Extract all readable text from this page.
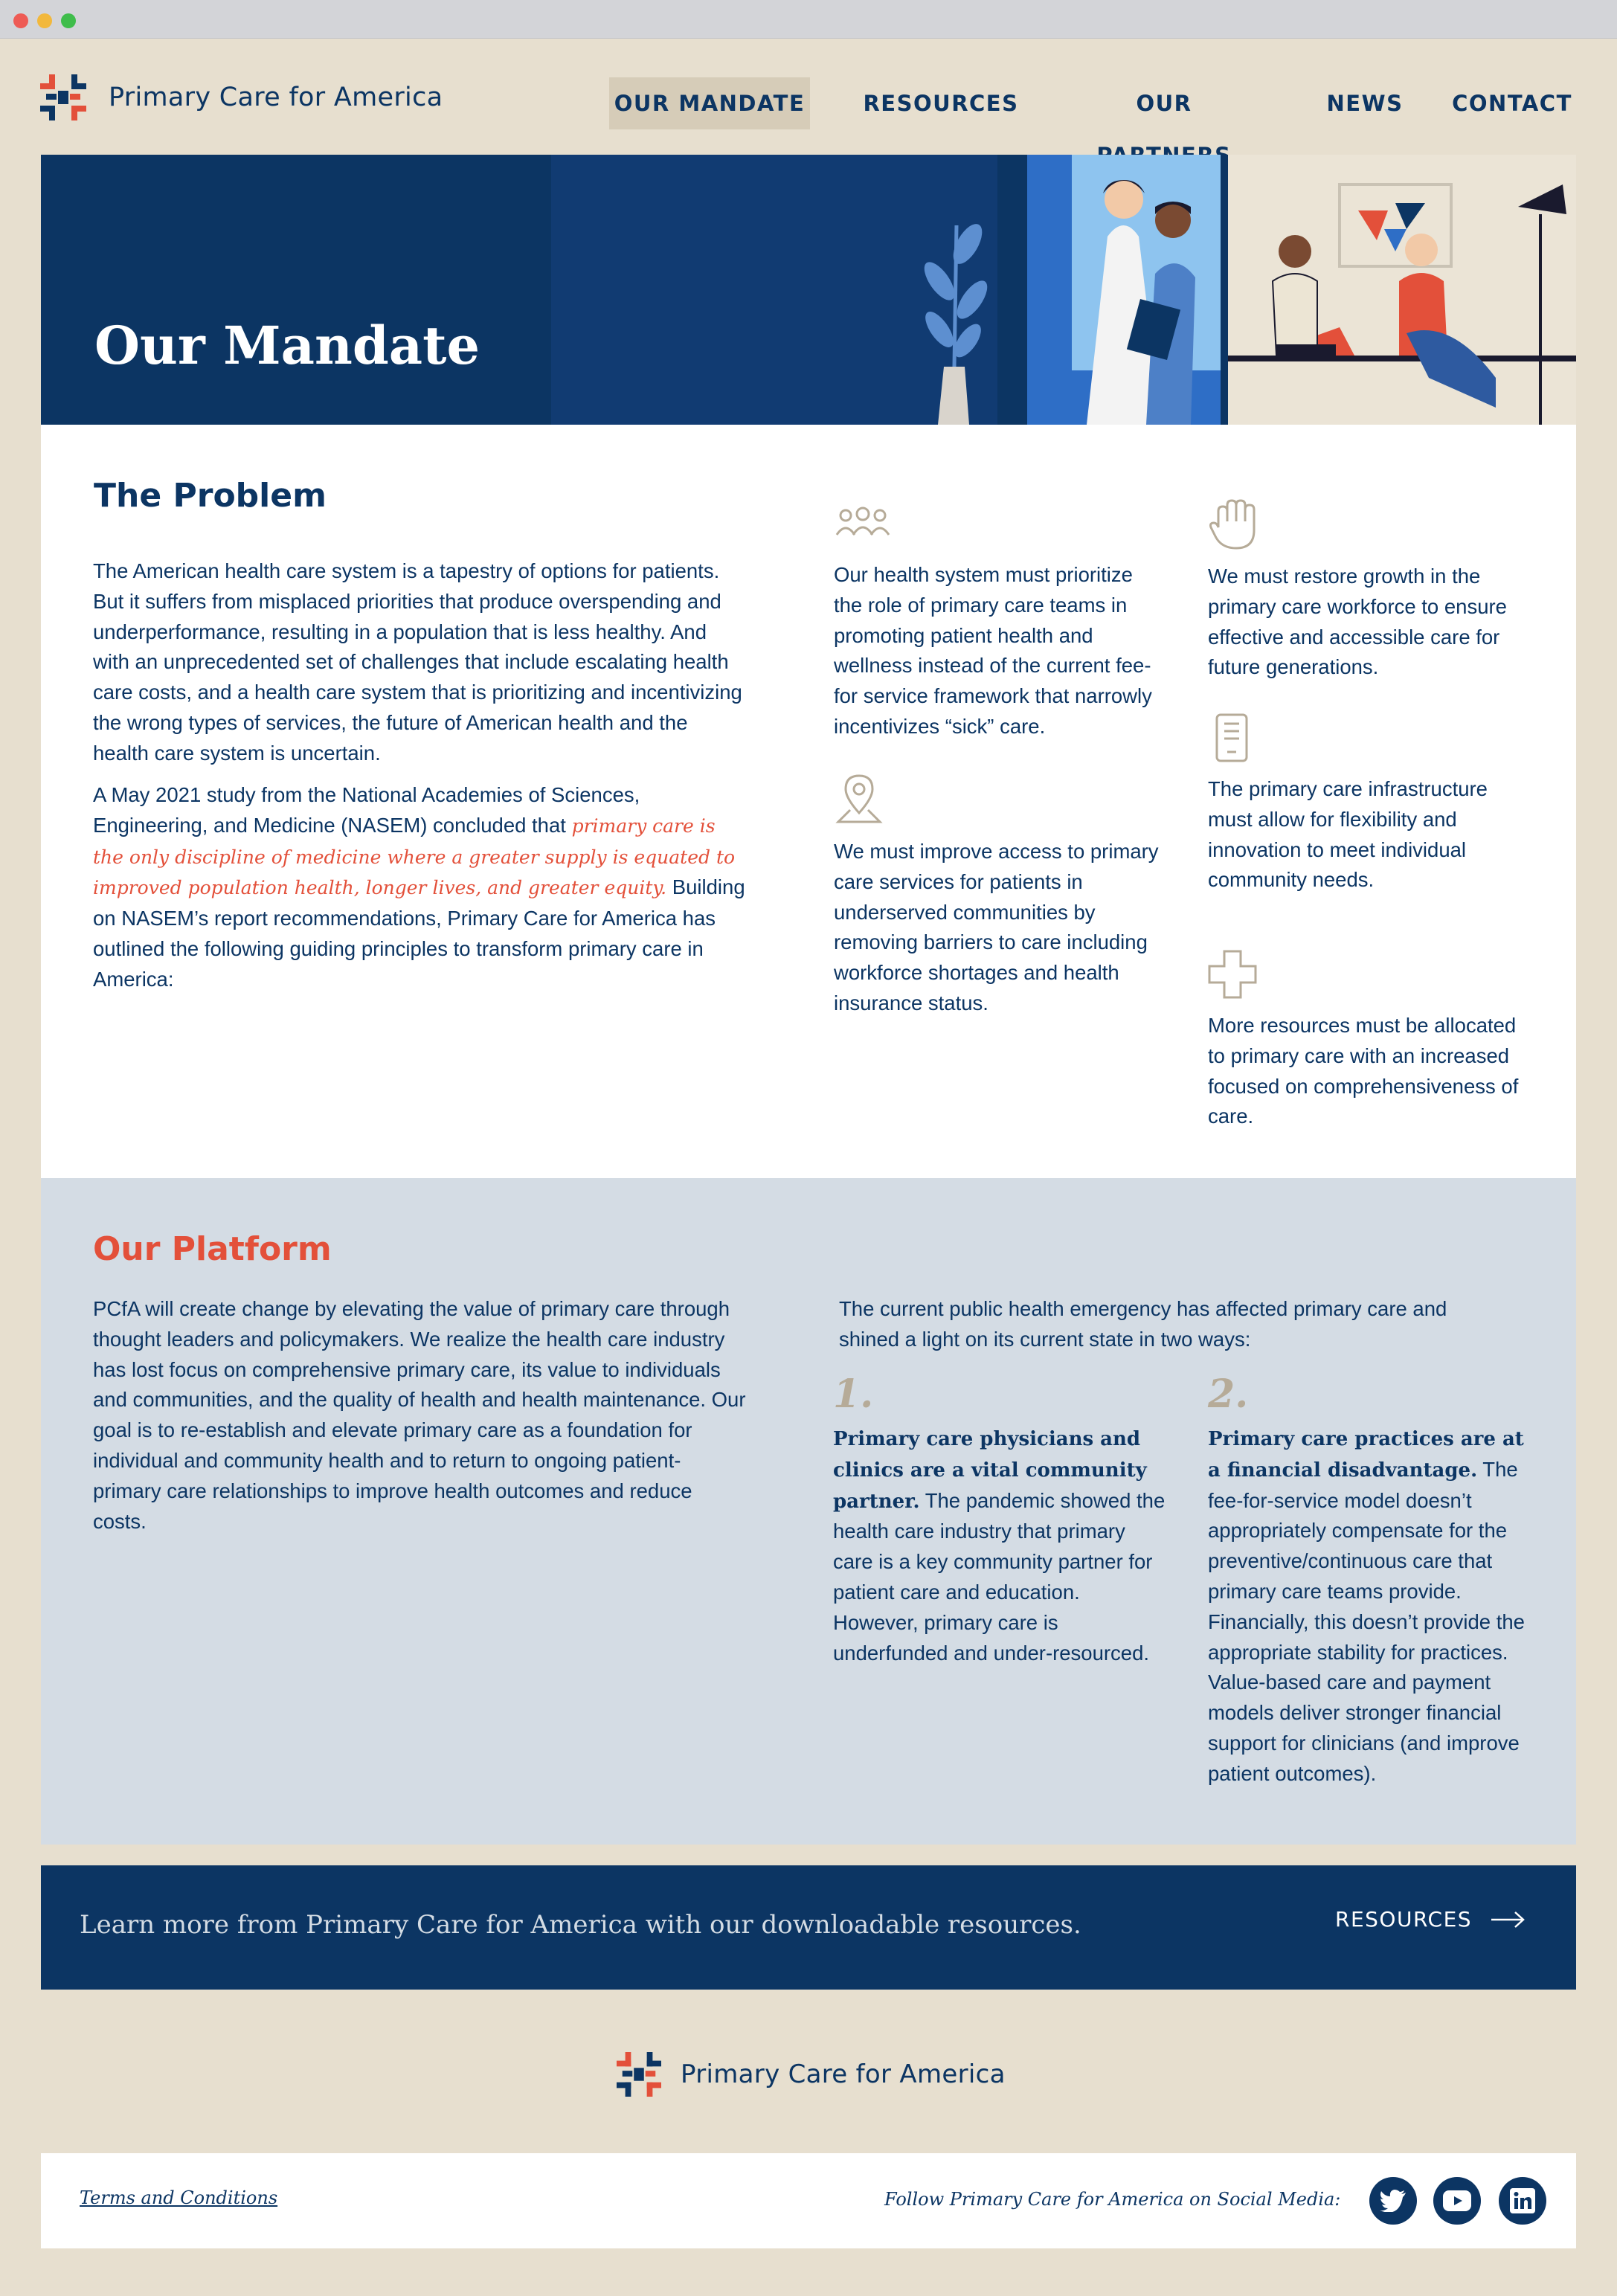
Primary Care for America	OUR MANDATE	RESOURCES	OUR	NEWS CONTACT
Our Mandate
The Problem

The American health care system is a tapestry of options for patients. But it suffers from misplaced priorities that produce overspending and underperformance, resulting in a population that is less healthy. And with an unprecedented set of challenges that include escalating health care costs, and a health care system that is prioritizing and incentivizing the wrong types of services, the future of American health and the health care system is uncertain.

A May 2021 study from the National Academies of Sciences, Engineering, and Medicine (NASEM) concluded that primary care is the only discipline of medicine where a greater supply is equated to improved population health, longer lives, and greater equity. Building on NASEM’s report recommendations, Primary Care for America has outlined the following guiding principles to transform primary care in America:

Our health system must prioritize the role of primary care teams in promoting patient health and wellness instead of the current fee-for service framework that narrowly incentivizes “sick” care.

We must restore growth in the primary care workforce to ensure effective and accessible care for future generations.

We must improve access to primary care services for patients in underserved communities by removing barriers to care including workforce shortages and health insurance status.

The primary care infrastructure must allow for flexibility and innovation to meet individual community needs.

More resources must be allocated to primary care with an increased focused on comprehensiveness of care.

Our Platform

PCfA will create change by elevating the value of primary care through thought leaders and policymakers. We realize the health care industry has lost focus on comprehensive primary care, its value to individuals and communities, and the quality of health and health maintenance. Our goal is to re-establish and elevate primary care as a foundation for individual and community health and to return to ongoing patient-primary care relationships to improve health outcomes and reduce costs.

The current public health emergency has affected primary care and shined a light on its current state in two ways:

1.

Primary care physicians and clinics are a vital community partner. The pandemic showed the health care industry that primary care is a key community partner for patient care and education. However, primary care is underfunded and under-resourced.

2.

Primary care practices are at a financial disadvantage. The fee-for-service model doesn’t appropriately compensate for the preventive/continuous care that primary care teams provide. Financially, this doesn’t provide the appropriate stability for practices. Value-based care and payment models deliver stronger financial support for clinicians (and improve patient outcomes).

Learn more from Primary Care for America with our downloadable resources.	RESOURCES
Primary Care for America
Terms and Conditions	Follow Primary Care for America on Social Media:
